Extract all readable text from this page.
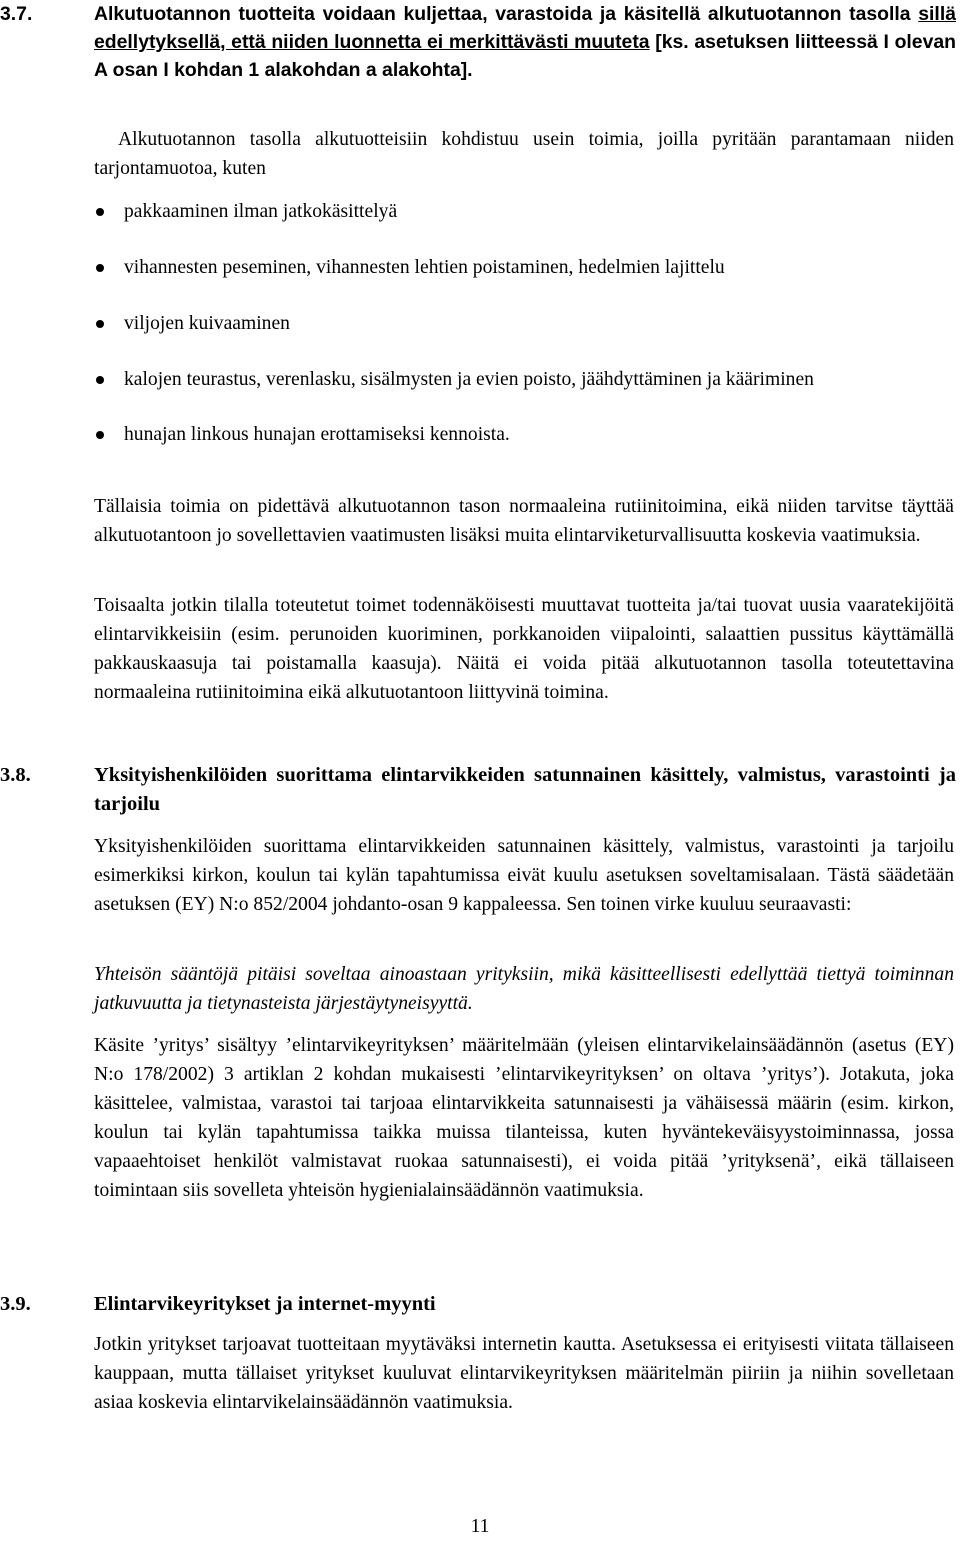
3.7.	Alkutuotannon tuotteita voidaan kuljettaa, varastoida ja käsitellä alkutuotannon tasolla sillä edellytyksellä, että niiden luonnetta ei merkittävästi muuteta [ks. asetuksen liitteessä I olevan A osan I kohdan 1 alakohdan a alakohta].
Alkutuotannon tasolla alkutuotteisiin kohdistuu usein toimia, joilla pyritään parantamaan niiden tarjontamuotoa, kuten
pakkaaminen ilman jatkokäsittelyä
vihannesten peseminen, vihannesten lehtien poistaminen, hedelmien lajittelu
viljojen kuivaaminen
kalojen teurastus, verenlasku, sisälmysten ja evien poisto, jäähdyttäminen ja kääriminen
hunajan linkous hunajan erottamiseksi kennoista.
Tällaisia toimia on pidettävä alkutuotannon tason normaaleina rutiinitoimina, eikä niiden tarvitse täyttää alkutuotantoon jo sovellettavien vaatimusten lisäksi muita elintarviketurvallisuutta koskevia vaatimuksia.
Toisaalta jotkin tilalla toteutetut toimet todennäköisesti muuttavat tuotteita ja/tai tuovat uusia vaaratekijöitä elintarvikkeisiin (esim. perunoiden kuoriminen, porkkanoiden viipalointi, salaattien pussitus käyttämällä pakkauskaasuja tai poistamalla kaasuja). Näitä ei voida pitää alkutuotannon tasolla toteutettavina normaaleina rutiinitoimina eikä alkutuotantoon liittyvinä toimina.
3.8.	Yksityishenkilöiden suorittama elintarvikkeiden satunnainen käsittely, valmistus, varastointi ja tarjoilu
Yksityishenkilöiden suorittama elintarvikkeiden satunnainen käsittely, valmistus, varastointi ja tarjoilu esimerkiksi kirkon, koulun tai kylän tapahtumissa eivät kuulu asetuksen soveltamisalaan. Tästä säädetään asetuksen (EY) N:o 852/2004 johdanto-osan 9 kappaleessa. Sen toinen virke kuuluu seuraavasti:
Yhteisön sääntöjä pitäisi soveltaa ainoastaan yrityksiin, mikä käsitteellisesti edellyttää tiettyä toiminnan jatkuvuutta ja tietynasteista järjestäytyneisyyttä.
Käsite ’yritys’ sisältyy ’elintarvikeyrityksen’ määritelmään (yleisen elintarvikelainsäädännön (asetus (EY) N:o 178/2002) 3 artiklan 2 kohdan mukaisesti ’elintarvikeyrityksen’ on oltava ’yritys’). Jotakuta, joka käsittelee, valmistaa, varastoi tai tarjoaa elintarvikkeita satunnaisesti ja vähäisessä määrin (esim. kirkon, koulun tai kylän tapahtumissa taikka muissa tilanteissa, kuten hyväntekeväisyystoiminnassa, jossa vapaaehtoiset henkilöt valmistavat ruokaa satunnaisesti), ei voida pitää ’yrityksenä’, eikä tällaiseen toimintaan siis sovelleta yhteisön hygienialainsäädännön vaatimuksia.
3.9.	Elintarvikeyritykset ja internet-myynti
Jotkin yritykset tarjoavat tuotteitaan myytäväksi internetin kautta. Asetuksessa ei erityisesti viitata tällaiseen kauppaan, mutta tällaiset yritykset kuuluvat elintarvikeyrityksen määritelmän piiriin ja niihin sovelletaan asiaa koskevia elintarvikelainsäädännön vaatimuksia.
11
